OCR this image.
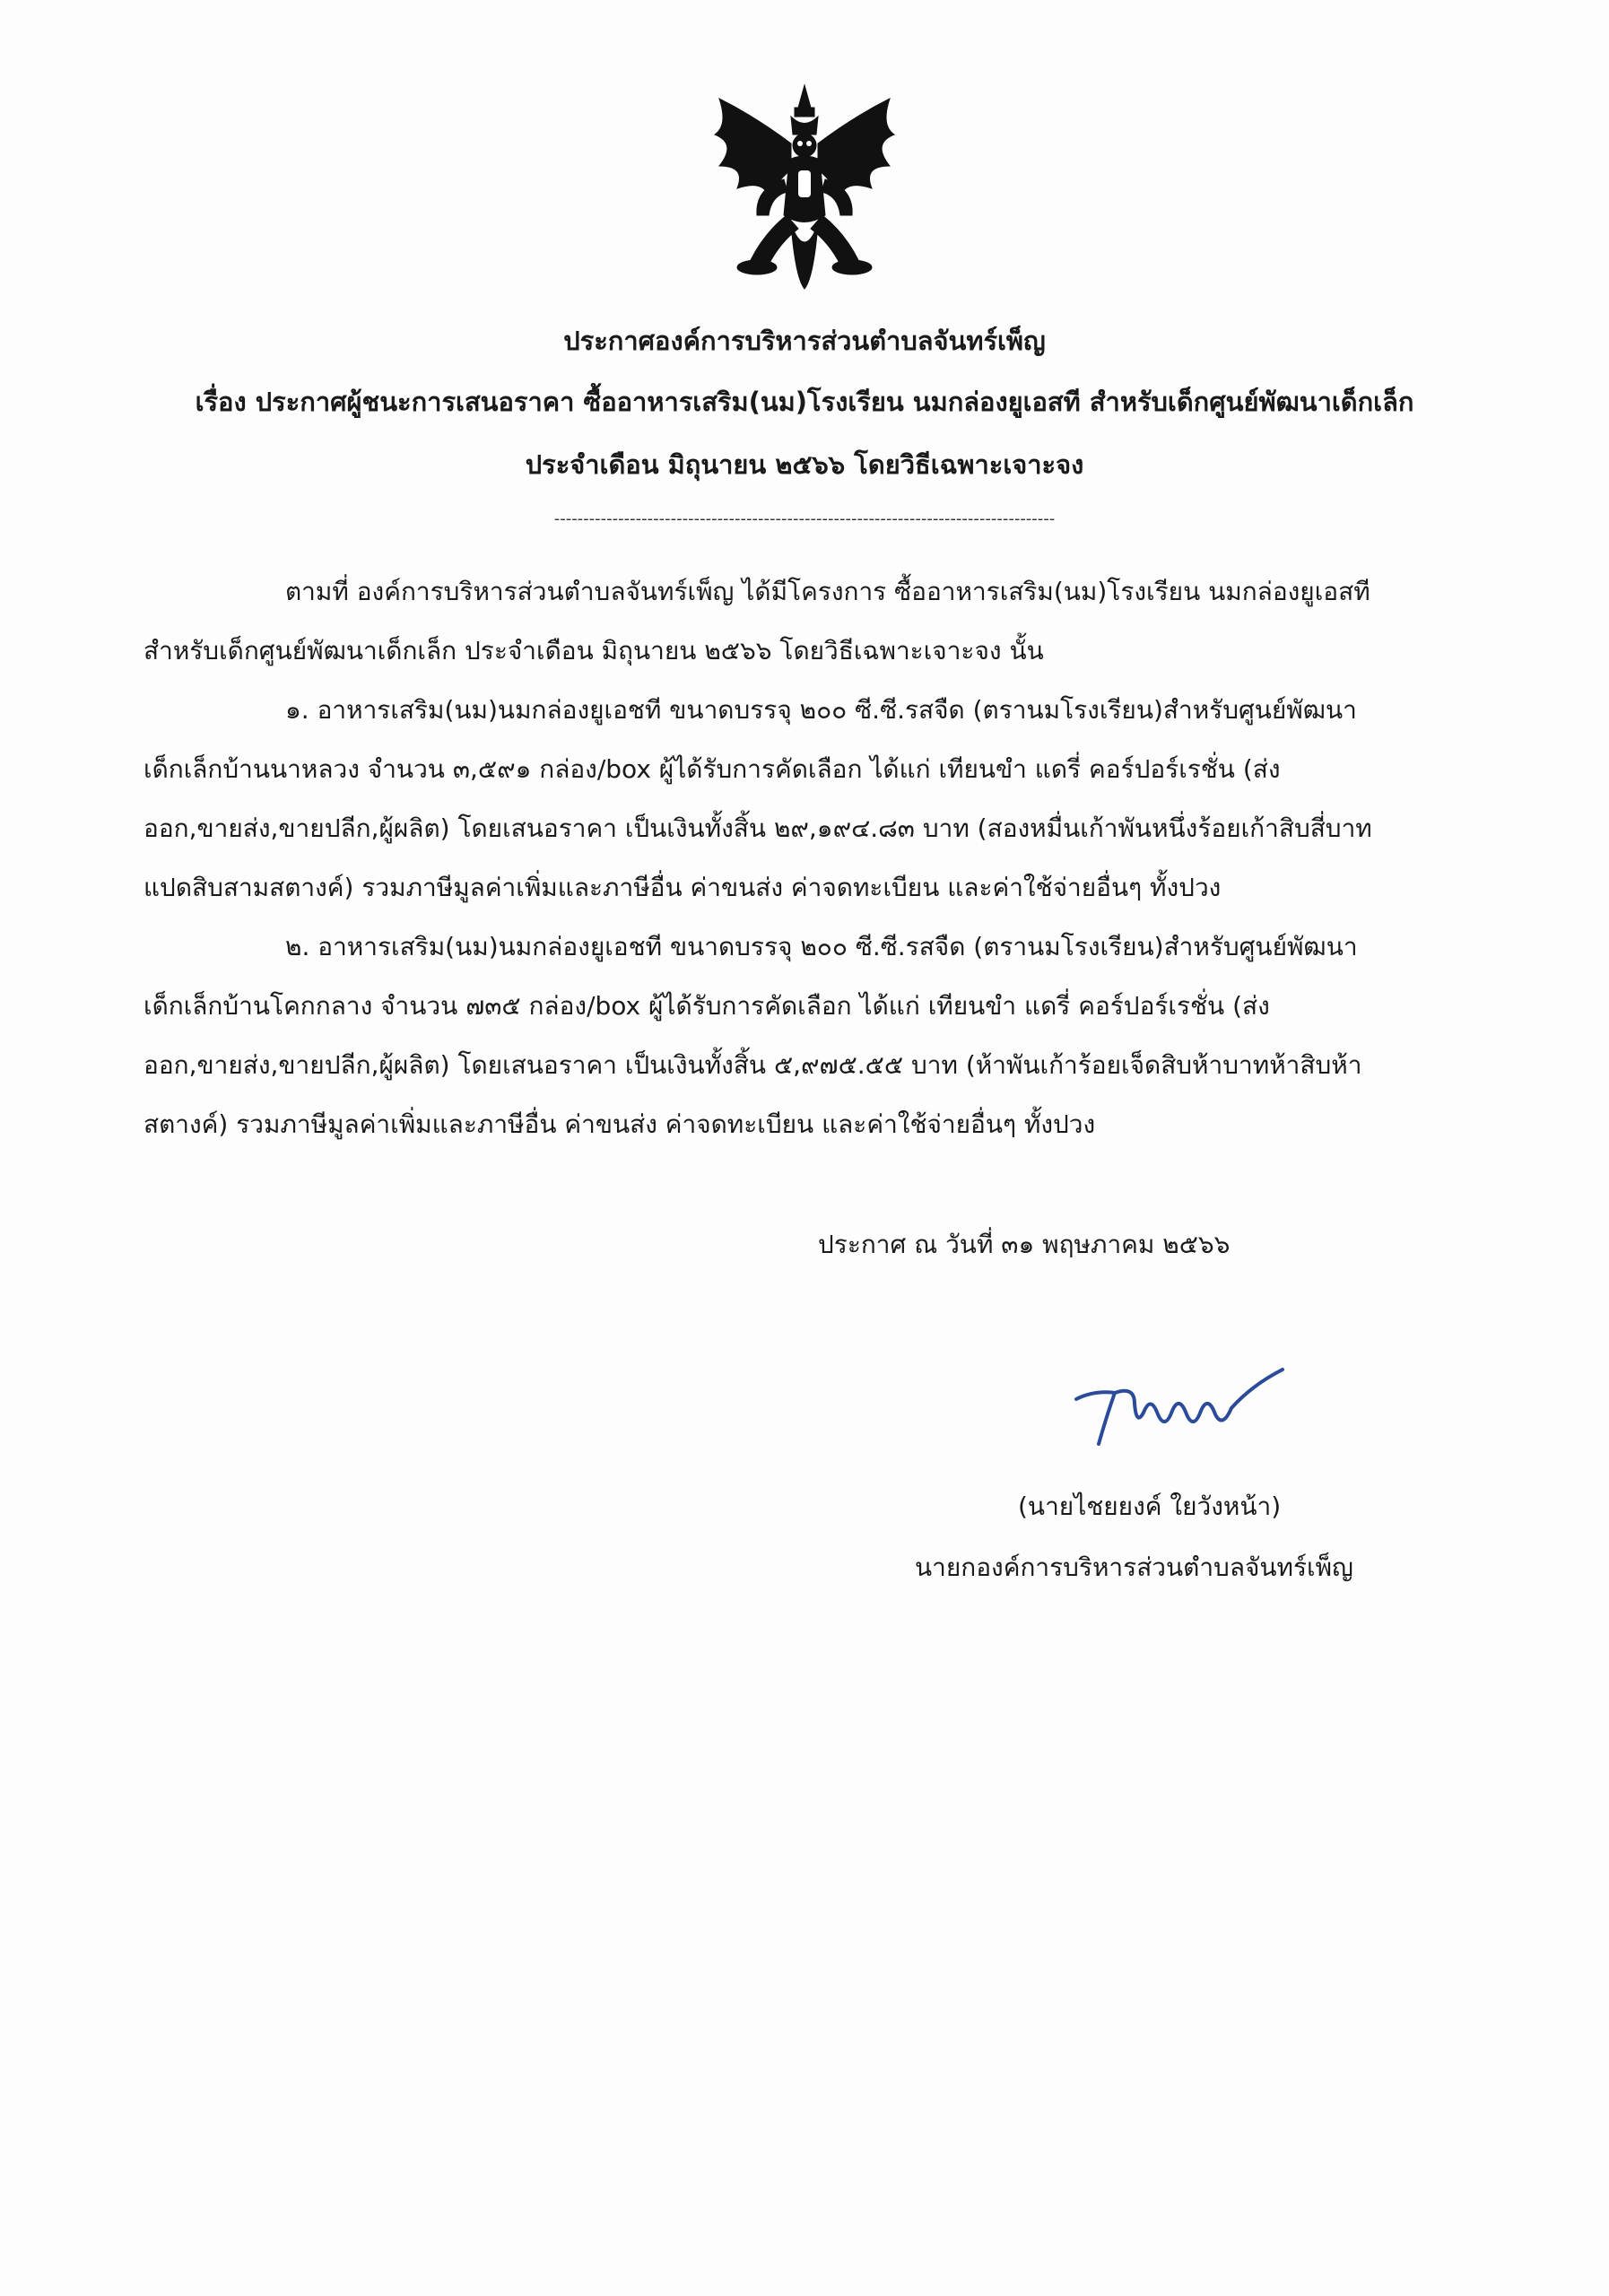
ประกาศองค์การบริหารส่วนตำบลจันทร์เพ็ญ
เรื่อง ประกาศผู้ชนะการเสนอราคา ซื้ออาหารเสริม(นม)โรงเรียน นมกล่องยูเอสที สำหรับเด็กศูนย์พัฒนาเด็กเล็ก
ประจำเดือน มิถุนายน ๒๕๖๖ โดยวิธีเฉพาะเจาะจง
--------------------------------------------------------------------------------------
ตามที่ องค์การบริหารส่วนตำบลจันทร์เพ็ญ ได้มีโครงการ ซื้ออาหารเสริม(นม)โรงเรียน นมกล่องยูเอสที
สำหรับเด็กศูนย์พัฒนาเด็กเล็ก ประจำเดือน มิถุนายน ๒๕๖๖ โดยวิธีเฉพาะเจาะจง นั้น
๑. อาหารเสริม(นม)นมกล่องยูเอชที ขนาดบรรจุ ๒๐๐ ซี.ซี.รสจืด (ตรานมโรงเรียน)สำหรับศูนย์พัฒนา
เด็กเล็กบ้านนาหลวง จำนวน ๓,๕๙๑ กล่อง/box ผู้ได้รับการคัดเลือก ได้แก่ เทียนขำ แดรี่ คอร์ปอร์เรชั่น (ส่ง
ออก,ขายส่ง,ขายปลีก,ผู้ผลิต) โดยเสนอราคา เป็นเงินทั้งสิ้น ๒๙,๑๙๔.๘๓ บาท (สองหมื่นเก้าพันหนึ่งร้อยเก้าสิบสี่บาท
แปดสิบสามสตางค์) รวมภาษีมูลค่าเพิ่มและภาษีอื่น ค่าขนส่ง ค่าจดทะเบียน และค่าใช้จ่ายอื่นๆ ทั้งปวง
๒. อาหารเสริม(นม)นมกล่องยูเอชที ขนาดบรรจุ ๒๐๐ ซี.ซี.รสจืด (ตรานมโรงเรียน)สำหรับศูนย์พัฒนา
เด็กเล็กบ้านโคกกลาง จำนวน ๗๓๕ กล่อง/box ผู้ได้รับการคัดเลือก ได้แก่ เทียนขำ แดรี่ คอร์ปอร์เรชั่น (ส่ง
ออก,ขายส่ง,ขายปลีก,ผู้ผลิต) โดยเสนอราคา เป็นเงินทั้งสิ้น ๕,๙๗๕.๕๕ บาท (ห้าพันเก้าร้อยเจ็ดสิบห้าบาทห้าสิบห้า
สตางค์) รวมภาษีมูลค่าเพิ่มและภาษีอื่น ค่าขนส่ง ค่าจดทะเบียน และค่าใช้จ่ายอื่นๆ ทั้งปวง
ประกาศ ณ วันที่ ๓๑ พฤษภาคม ๒๕๖๖
(นายไชยยงค์ ใยวังหน้า)
นายกองค์การบริหารส่วนตำบลจันทร์เพ็ญ
